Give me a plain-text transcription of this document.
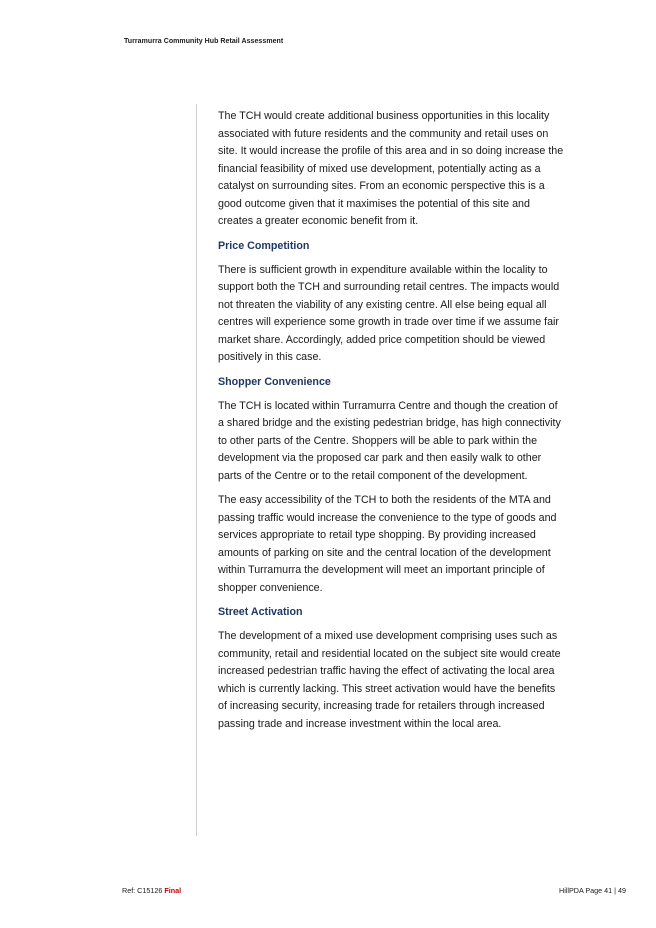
Turramurra Community Hub Retail Assessment

The TCH would create additional business opportunities in this locality associated with future residents and the community and retail uses on site. It would increase the profile of this area and in so doing increase the financial feasibility of mixed use development, potentially acting as a catalyst on surrounding sites. From an economic perspective this is a good outcome given that it maximises the potential of this site and creates a greater economic benefit from it.

Price Competition

There is sufficient growth in expenditure available within the locality to support both the TCH and surrounding retail centres. The impacts would not threaten the viability of any existing centre. All else being equal all centres will experience some growth in trade over time if we assume fair market share. Accordingly, added price competition should be viewed positively in this case.

Shopper Convenience

The TCH is located within Turramurra Centre and though the creation of a shared bridge and the existing pedestrian bridge, has high connectivity to other parts of the Centre. Shoppers will be able to park within the development via the proposed car park and then easily walk to other parts of the Centre or to the retail component of the development.

The easy accessibility of the TCH to both the residents of the MTA and passing traffic would increase the convenience to the type of goods and services appropriate to retail type shopping. By providing increased amounts of parking on site and the central location of the development within Turramurra the development will meet an important principle of shopper convenience.

Street Activation

The development of a mixed use development comprising uses such as community, retail and residential located on the subject site would create increased pedestrian traffic having the effect of activating the local area which is currently lacking. This street activation would have the benefits of increasing security, increasing trade for retailers through increased passing trade and increase investment within the local area.

Ref: C15126 Final	HillPDA Page 41 | 49
